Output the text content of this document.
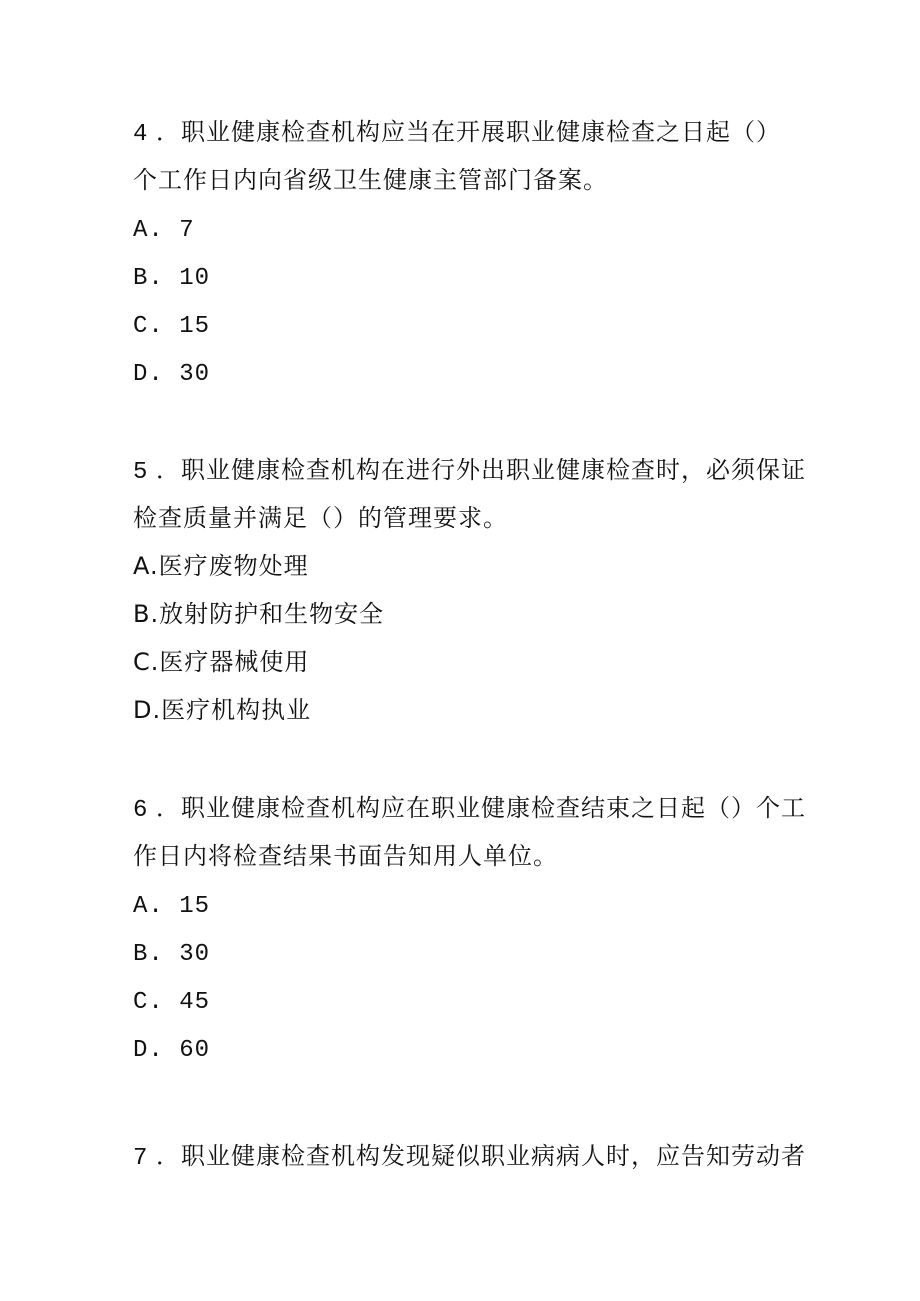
4 ．职业健康检查机构应当在开展职业健康检查之日起（）
个工作日内向省级卫生健康主管部门备案。
A. 7
B. 10
C. 15
D. 30
5 ．职业健康检查机构在进行外出职业健康检查时，必须保证
检查质量并满足（）的管理要求。
A.医疗废物处理
B.放射防护和生物安全
C.医疗器械使用
D.医疗机构执业
6 ．职业健康检查机构应在职业健康检查结束之日起（）个工
作日内将检查结果书面告知用人单位。
A. 15
B. 30
C. 45
D. 60
7 ．职业健康检查机构发现疑似职业病病人时，应告知劳动者
